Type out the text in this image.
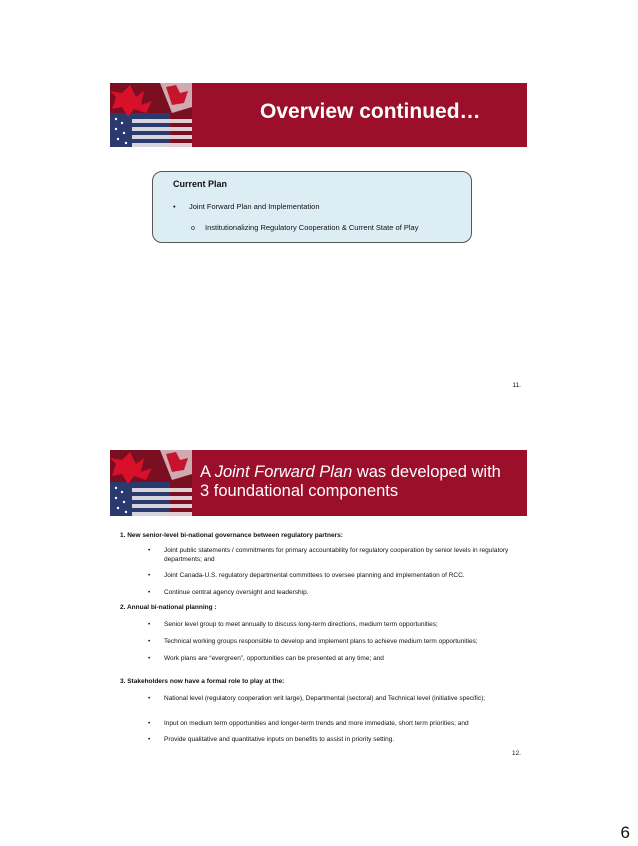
Overview continued…
Current Plan
• Joint Forward Plan and Implementation
o Institutionalizing Regulatory Cooperation & Current State of Play
11.
A Joint Forward Plan was developed with
3 foundational components
1. New senior-level bi-national governance between regulatory partners:
•	Joint public statements / commitments for primary accountability for regulatory cooperation by senior levels in regulatory departments; and
•	Joint Canada-U.S. regulatory departmental committees to oversee planning and implementation of RCC.
•	Continue central agency oversight and leadership.
2. Annual bi-national planning :
•	Senior level group to meet annually to discuss long-term directions, medium term opportunities;
•	Technical working groups responsible to develop and implement plans to achieve medium term opportunities;
•	Work plans are “evergreen”, opportunities can be presented at any time; and
3. Stakeholders now have a formal role to play at the:
•	National level (regulatory cooperation writ large), Departmental (sectoral) and Technical level (initiative specific);
•	Input on medium term opportunities and longer-term trends and more immediate, short term priorities; and
•	Provide qualitative and quantitative inputs on benefits to assist in priority setting.
12.
6
